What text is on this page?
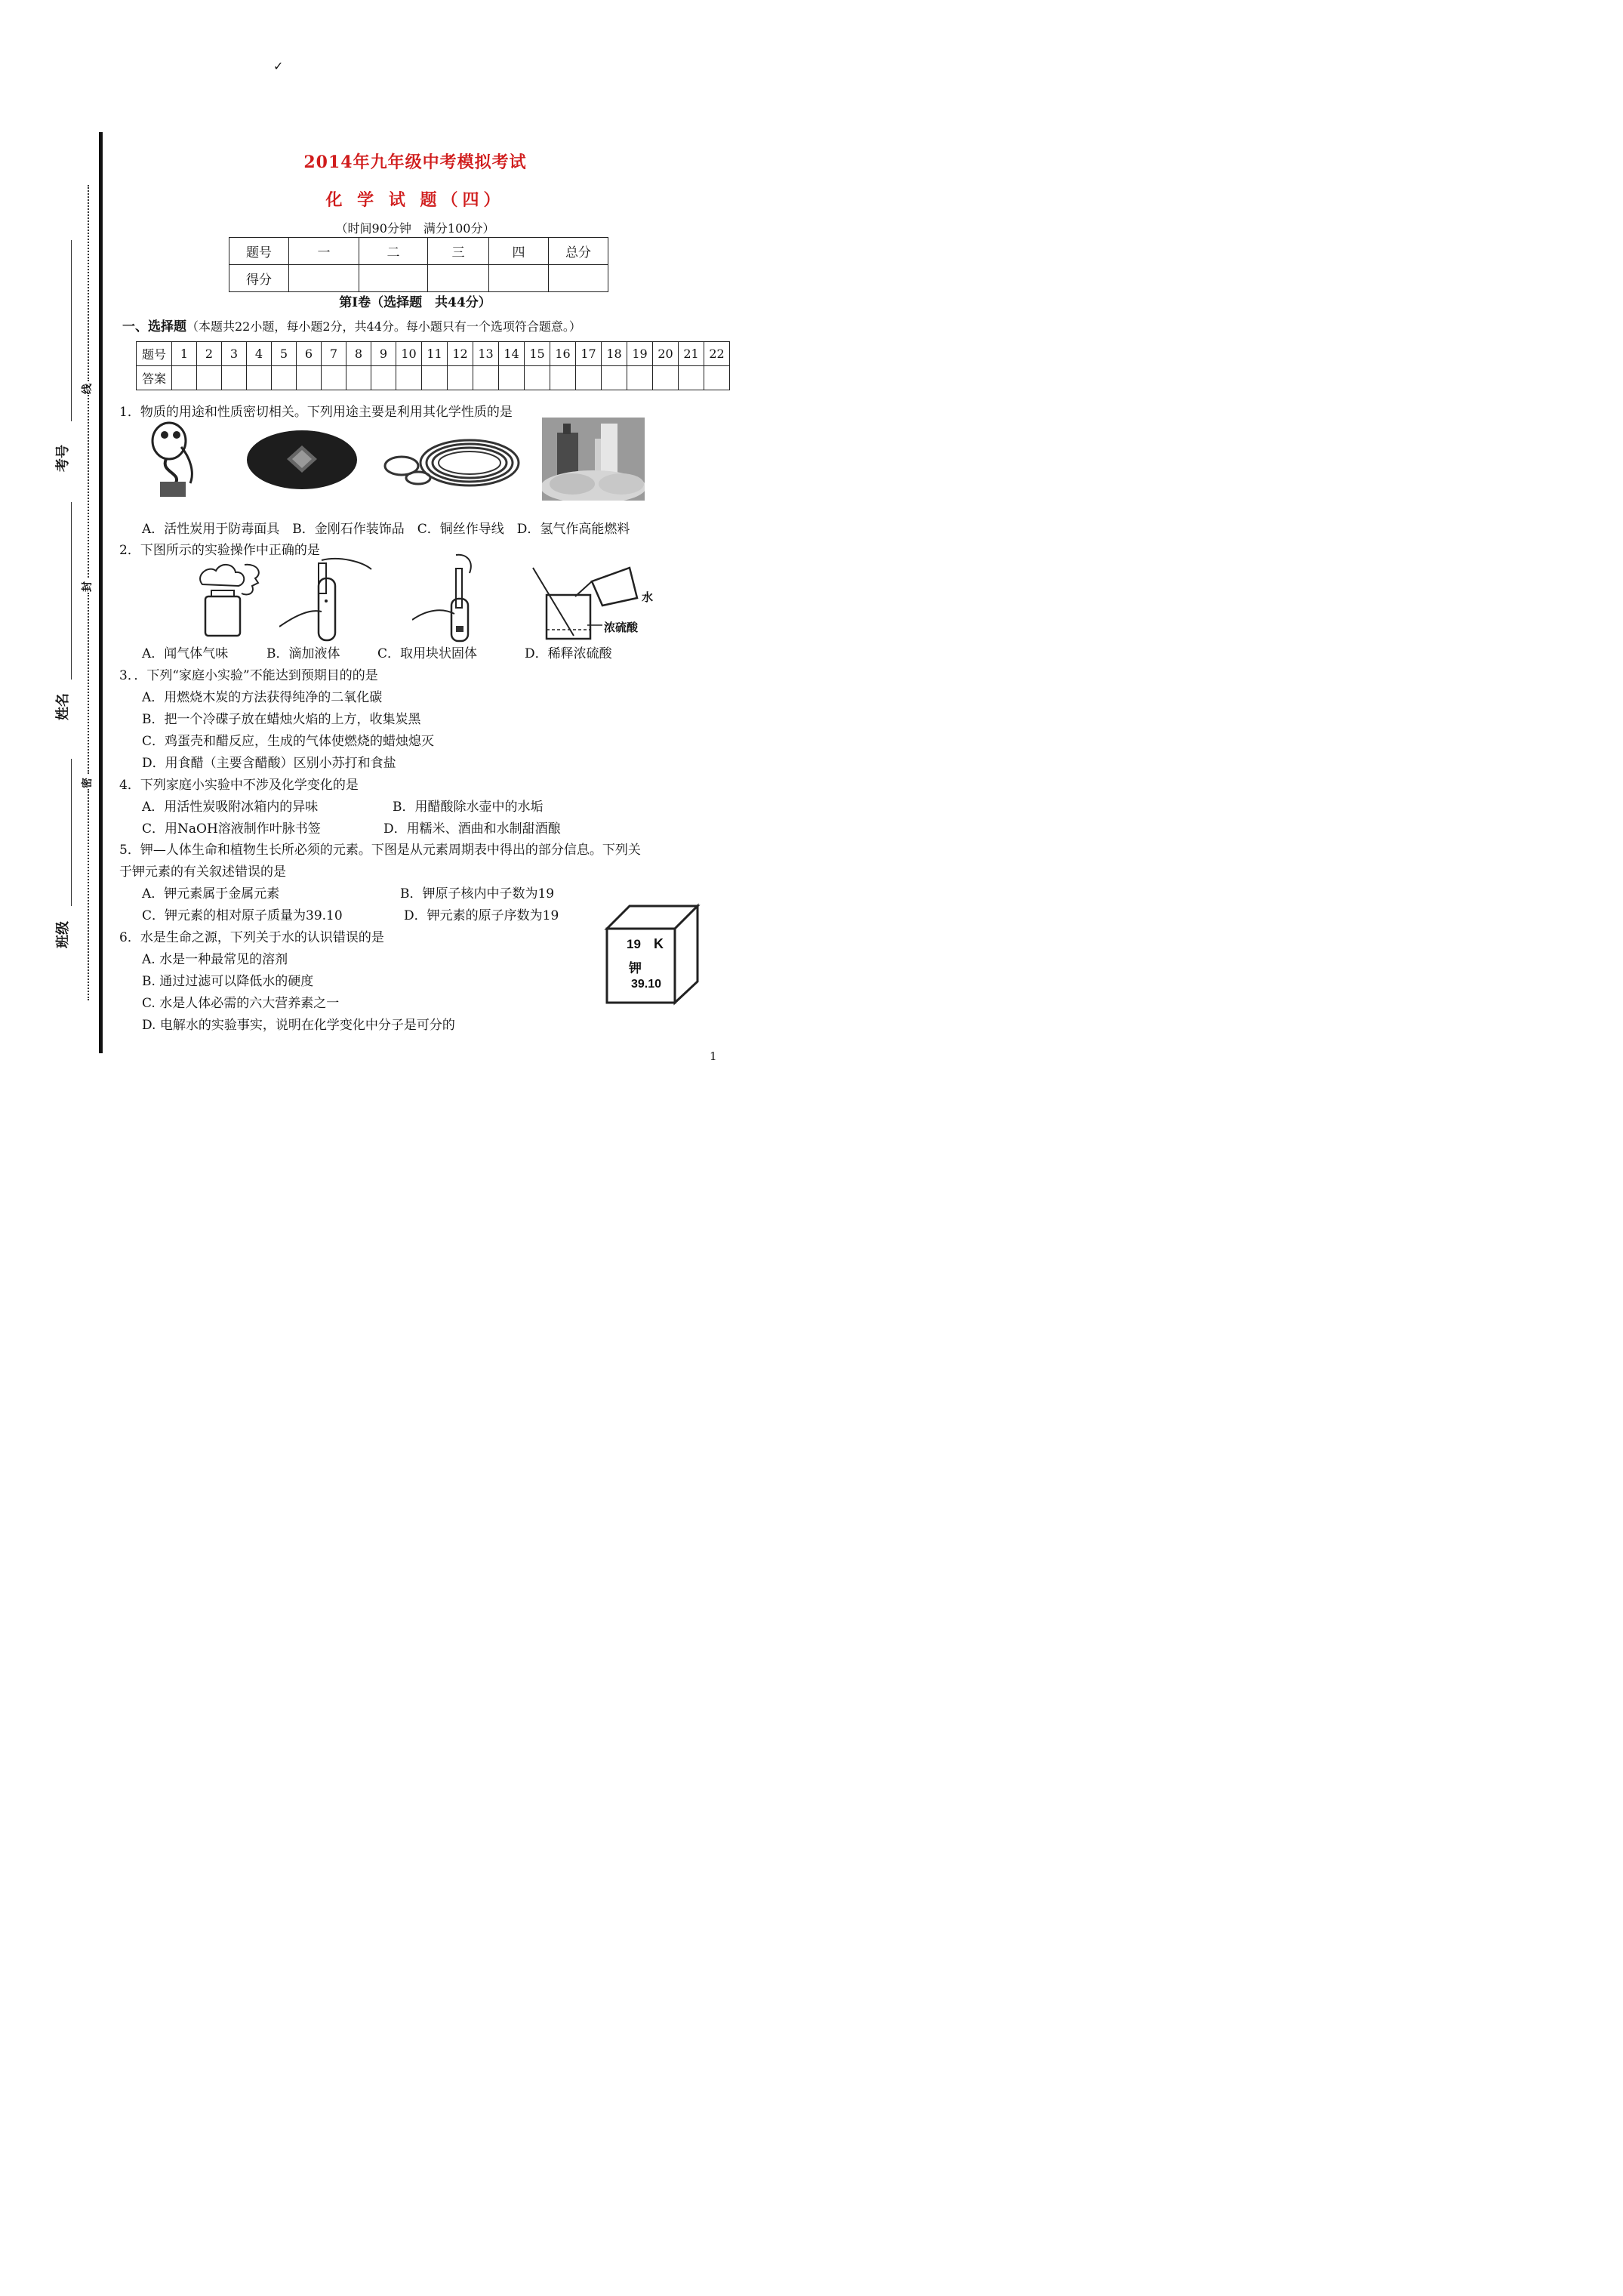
✓
线
封
密
考号
姓名
班级
2014年九年级中考模拟考试
化 学 试 题（四）
（时间90分钟　满分100分）
题号	一	二	三	四	总分
得分					
第Ⅰ卷（选择题　共44分）
一、选择题（本题共22小题，每小题2分，共44分。每小题只有一个选项符合题意。）
题号	1	2	3	4	5	6	7	8	9	10	11	12	13	14	15	16	17	18	19	20	21	22
答案																						
1．物质的用途和性质密切相关。下列用途主要是利用其化学性质的是
A．活性炭用于防毒面具　B．金刚石作装饰品　C．铜丝作导线　D．氢气作高能燃料
2．下图所示的实验操作中正确的是
水
浓硫酸
A．闻气体气味	B．滴加液体	C．取用块状固体	D．稀释浓硫酸
3．．下列“家庭小实验”不能达到预期目的的是
A．用燃烧木炭的方法获得纯净的二氧化碳
B．把一个冷碟子放在蜡烛火焰的上方，收集炭黑
C．鸡蛋壳和醋反应，生成的气体使燃烧的蜡烛熄灭
D．用食醋（主要含醋酸）区别小苏打和食盐
4．下列家庭小实验中不涉及化学变化的是
A．用活性炭吸附冰箱内的异味	B．用醋酸除水壶中的水垢
C．用NaOH溶液制作叶脉书签	D．用糯米、酒曲和水制甜酒酿
5．钾—人体生命和植物生长所必须的元素。下图是从元素周期表中得出的部分信息。下列关
于钾元素的有关叙述错误的是
A．钾元素属于金属元素	B．钾原子核内中子数为19
C．钾元素的相对原子质量为39.10	D．钾元素的原子序数为19
6．水是生命之源，下列关于水的认识错误的是
A. 水是一种最常见的溶剂
B. 通过过滤可以降低水的硬度
C. 水是人体必需的六大营养素之一
D. 电解水的实验事实，说明在化学变化中分子是可分的
19 K
钾
39.10
1
